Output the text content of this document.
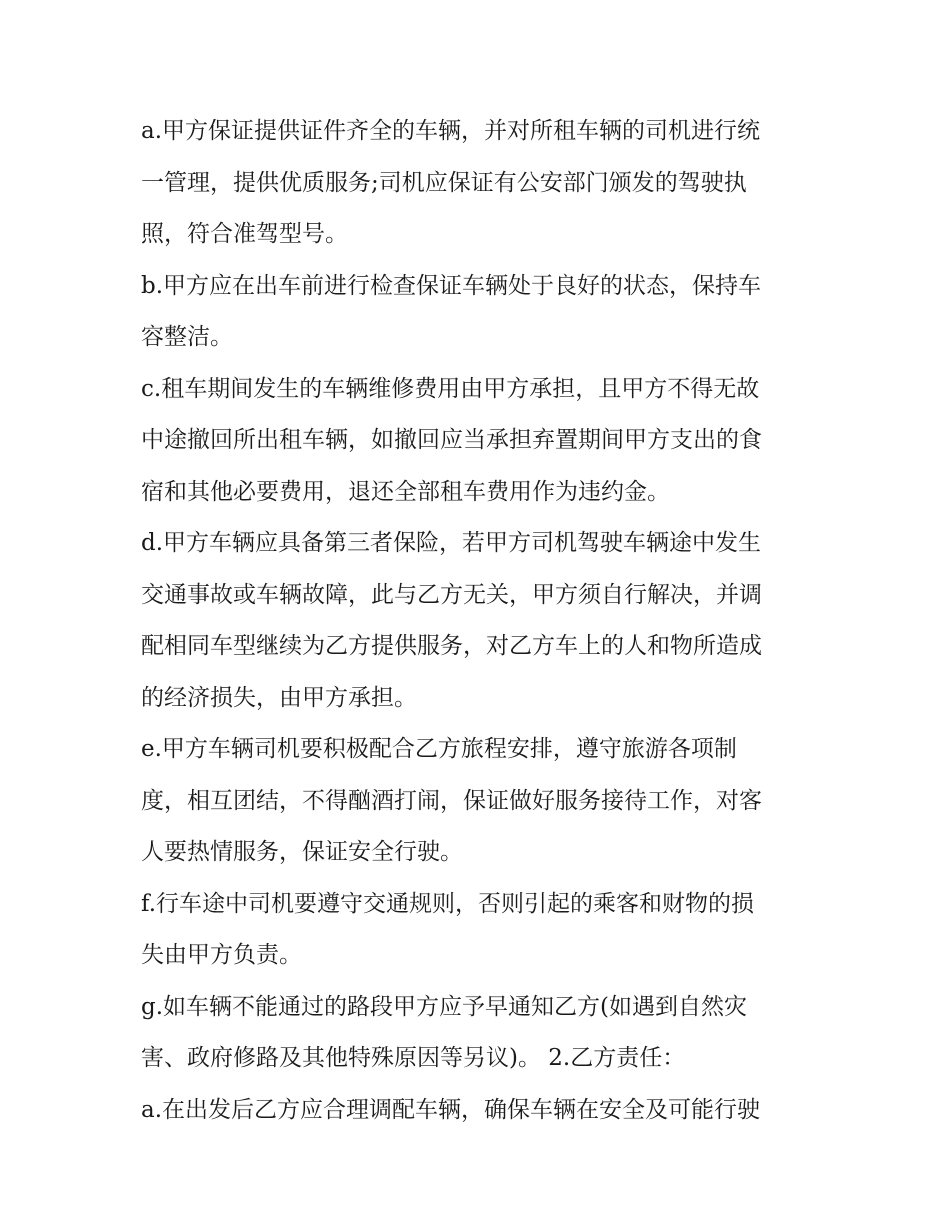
a.甲方保证提供证件齐全的车辆，并对所租车辆的司机进行统
一管理，提供优质服务;司机应保证有公安部门颁发的驾驶执
照，符合准驾型号。

b.甲方应在出车前进行检查保证车辆处于良好的状态，保持车
容整洁。

c.租车期间发生的车辆维修费用由甲方承担，且甲方不得无故
中途撤回所出租车辆，如撤回应当承担弃置期间甲方支出的食
宿和其他必要费用，退还全部租车费用作为违约金。

d.甲方车辆应具备第三者保险，若甲方司机驾驶车辆途中发生
交通事故或车辆故障，此与乙方无关，甲方须自行解决，并调
配相同车型继续为乙方提供服务，对乙方车上的人和物所造成
的经济损失，由甲方承担。

e.甲方车辆司机要积极配合乙方旅程安排，遵守旅游各项制
度，相互团结，不得酗酒打闹，保证做好服务接待工作，对客
人要热情服务，保证安全行驶。

f.行车途中司机要遵守交通规则，否则引起的乘客和财物的损
失由甲方负责。

g.如车辆不能通过的路段甲方应予早通知乙方(如遇到自然灾
害、政府修路及其他特殊原因等另议)。 2.乙方责任：

a.在出发后乙方应合理调配车辆，确保车辆在安全及可能行驶
